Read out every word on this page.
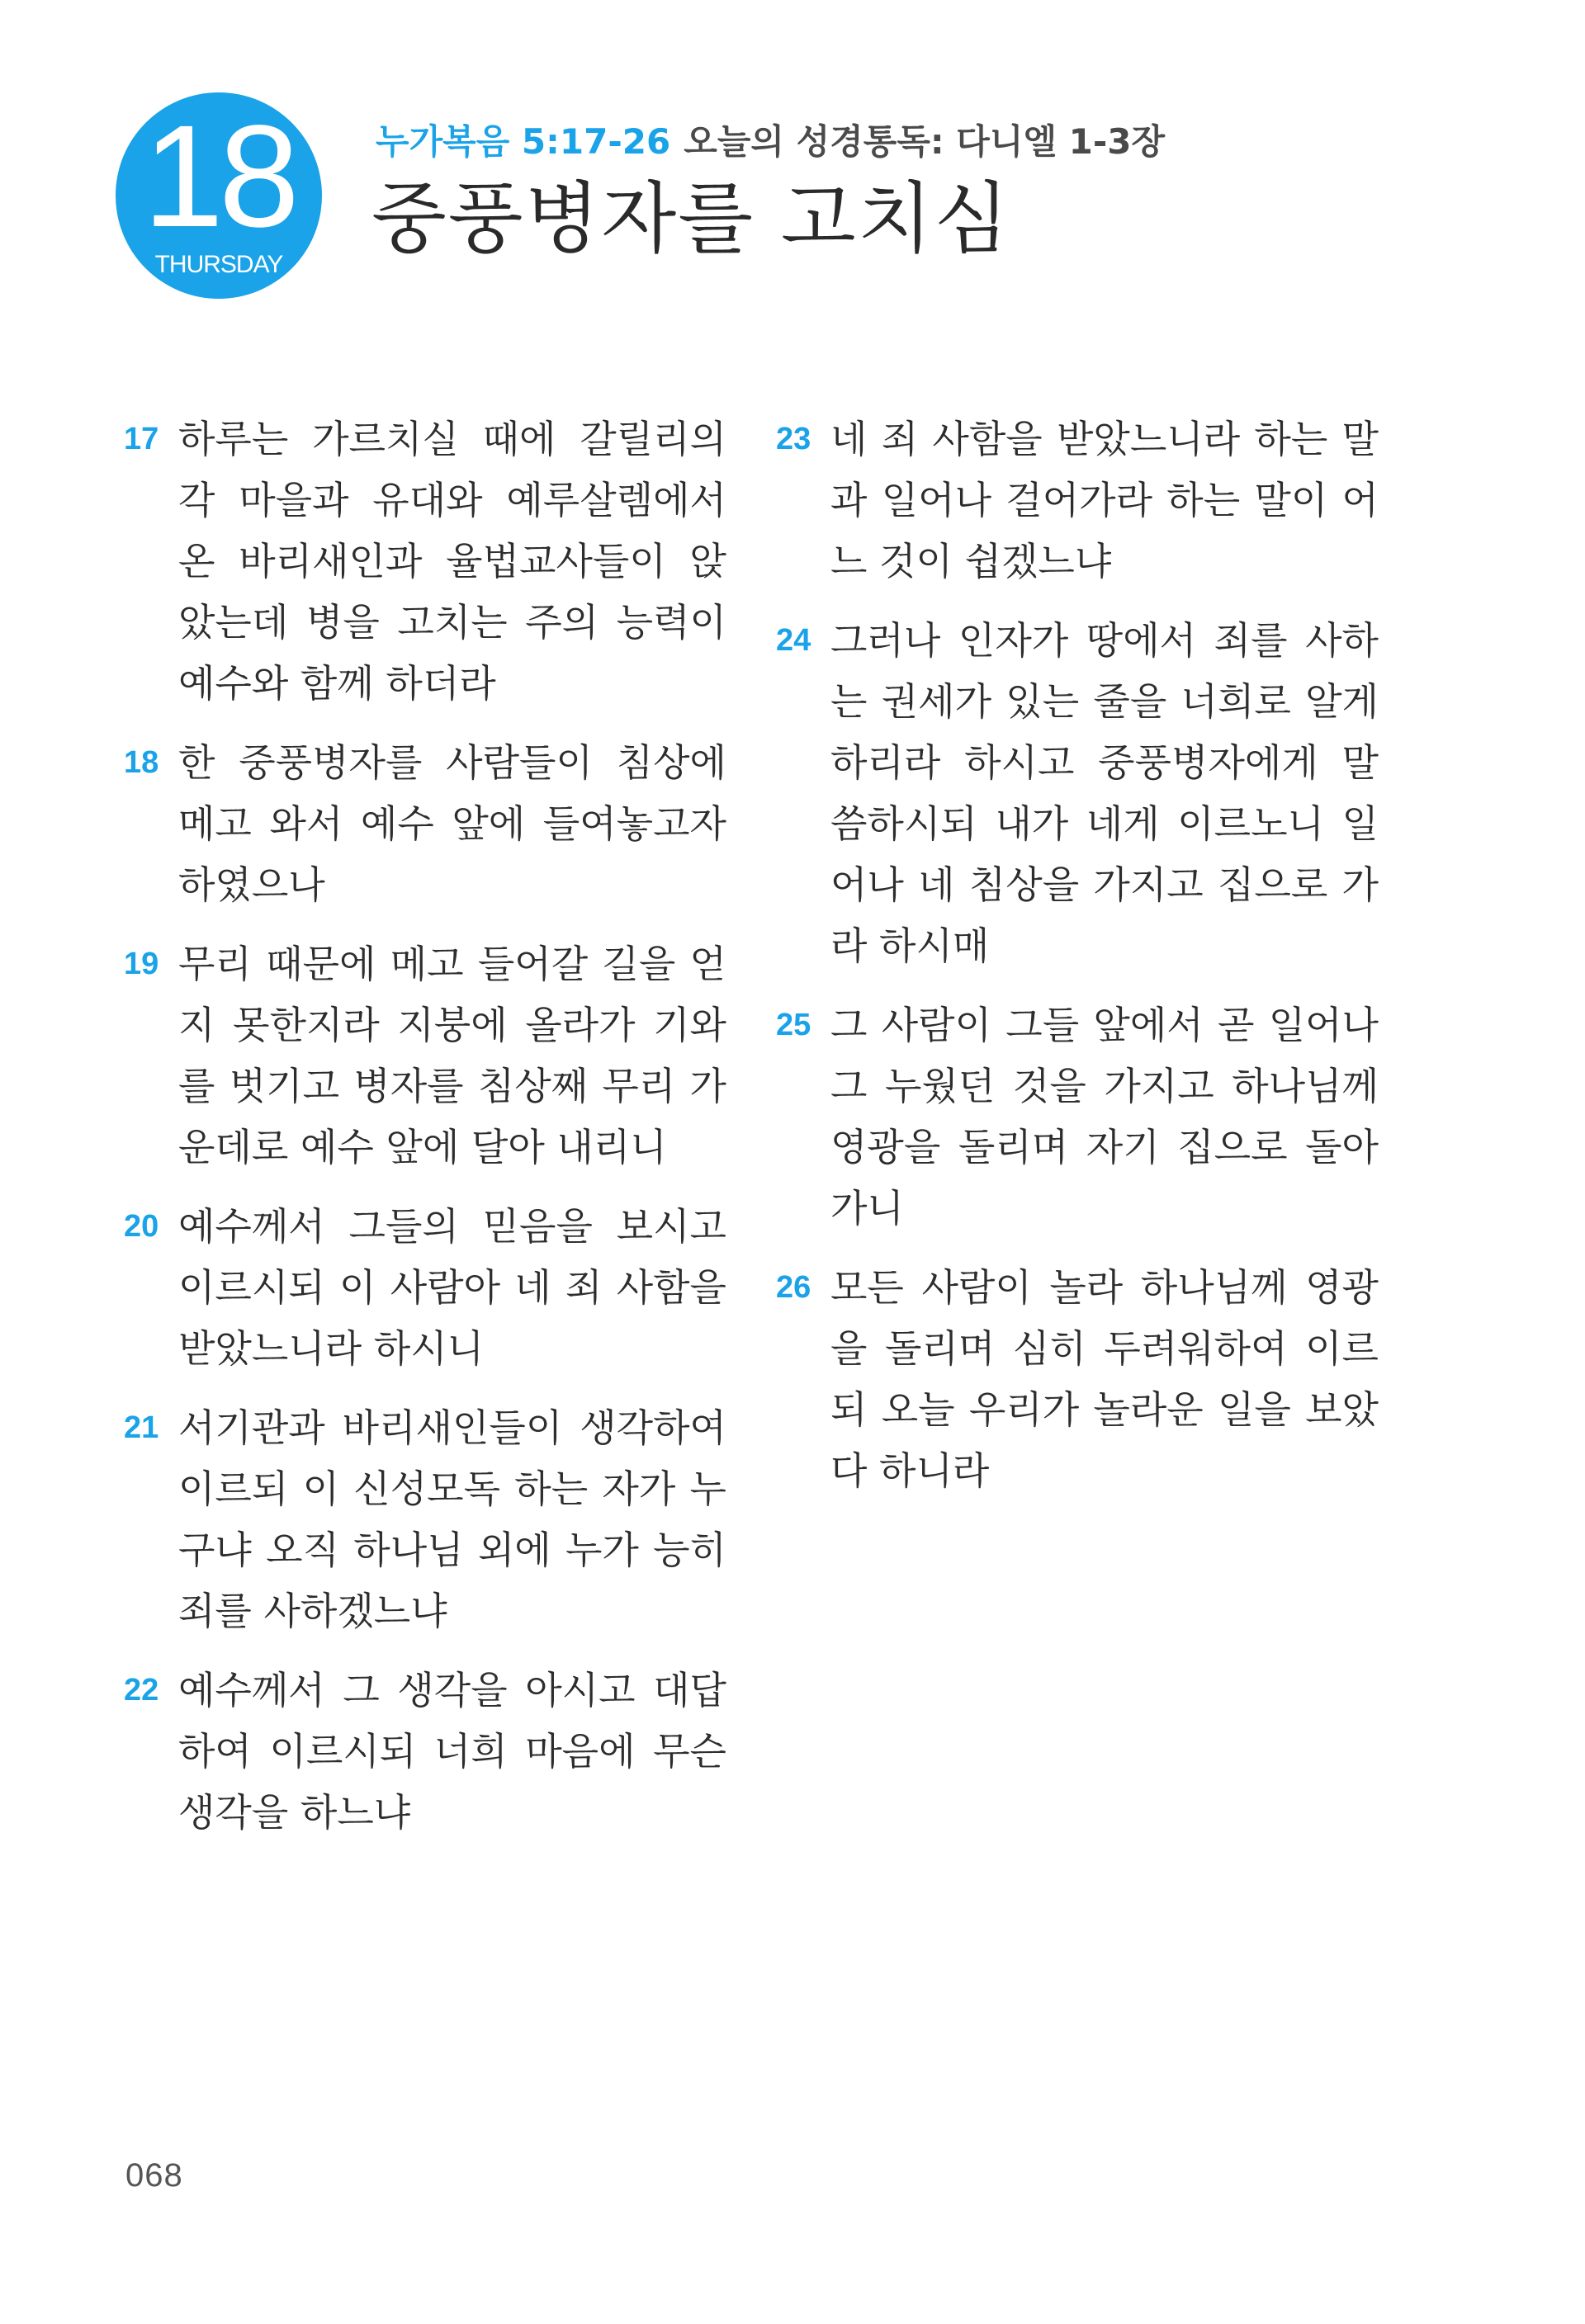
18
THURSDAY
누가복음 5:17-26 오늘의 성경통독: 다니엘 1-3장
중풍병자를 고치심
17 하루는 가르치실 때에 갈릴리의 각 마을과 유대와 예루살렘에서 온 바리새인과 율법교사들이 앉았는데 병을 고치는 주의 능력이 예수와 함께 하더라
18 한 중풍병자를 사람들이 침상에 메고 와서 예수 앞에 들여놓고자 하였으나
19 무리 때문에 메고 들어갈 길을 얻지 못한지라 지붕에 올라가 기와를 벗기고 병자를 침상째 무리 가운데로 예수 앞에 달아 내리니
20 예수께서 그들의 믿음을 보시고 이르시되 이 사람아 네 죄 사함을 받았느니라 하시니
21 서기관과 바리새인들이 생각하여 이르되 이 신성모독 하는 자가 누구냐 오직 하나님 외에 누가 능히 죄를 사하겠느냐
22 예수께서 그 생각을 아시고 대답하여 이르시되 너희 마음에 무슨 생각을 하느냐
23 네 죄 사함을 받았느니라 하는 말과 일어나 걸어가라 하는 말이 어느 것이 쉽겠느냐
24 그러나 인자가 땅에서 죄를 사하는 권세가 있는 줄을 너희로 알게 하리라 하시고 중풍병자에게 말씀하시되 내가 네게 이르노니 일어나 네 침상을 가지고 집으로 가라 하시매
25 그 사람이 그들 앞에서 곧 일어나 그 누웠던 것을 가지고 하나님께 영광을 돌리며 자기 집으로 돌아가니
26 모든 사람이 놀라 하나님께 영광을 돌리며 심히 두려워하여 이르되 오늘 우리가 놀라운 일을 보았다 하니라
068
